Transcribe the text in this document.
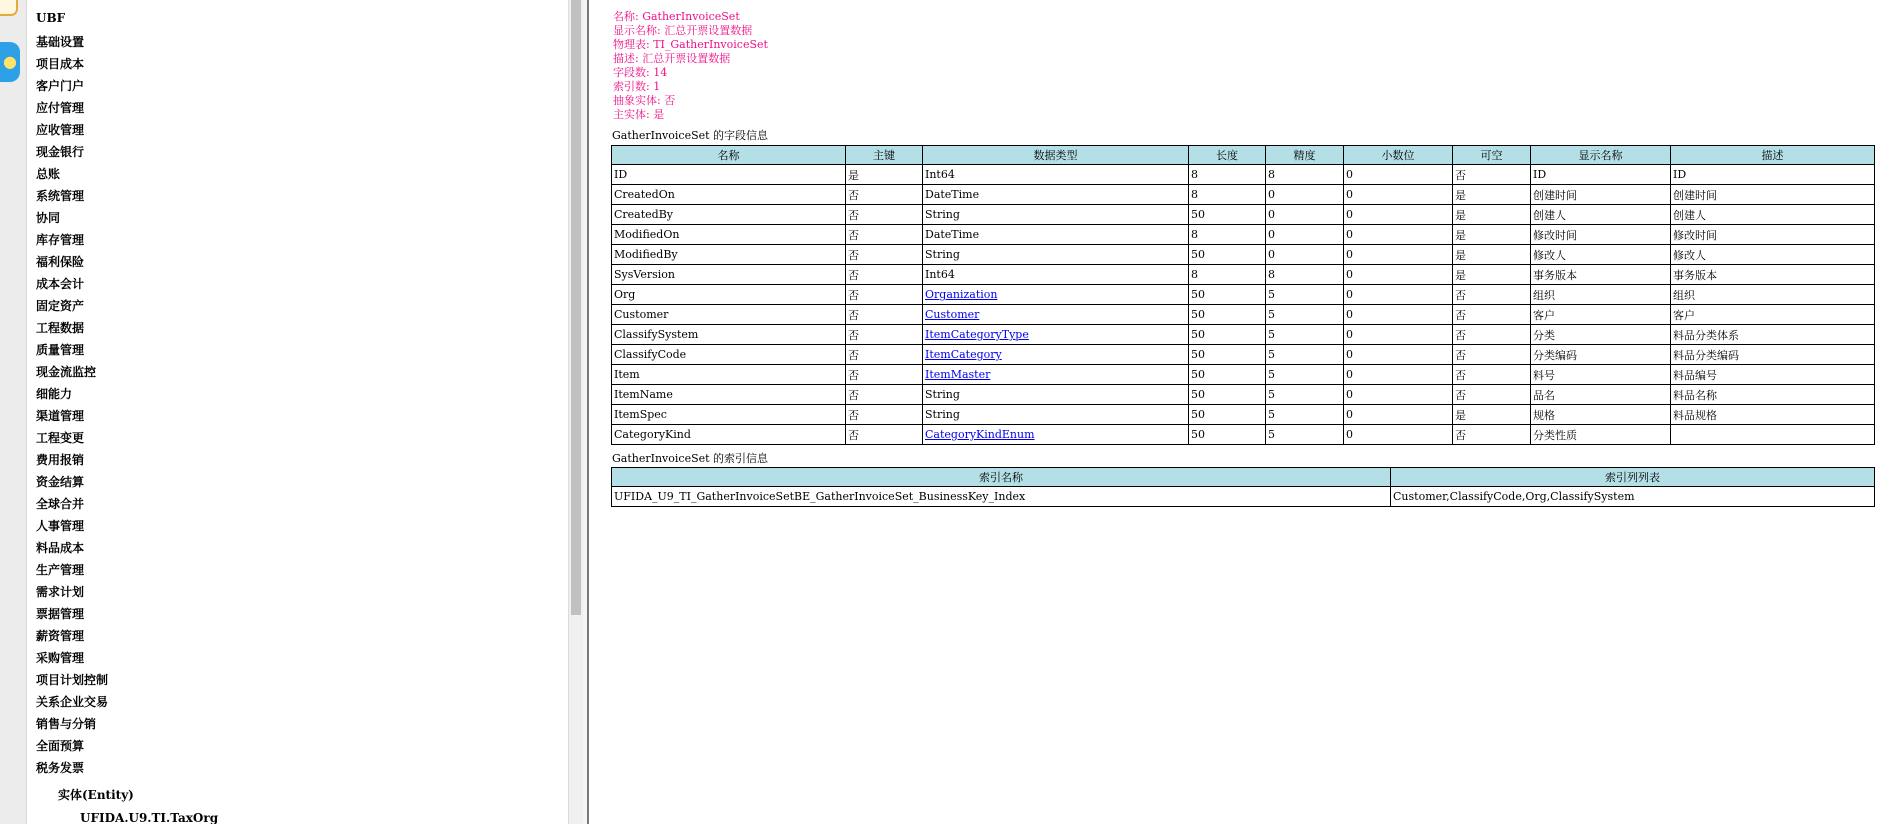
●
UBF
基础设置
项目成本
客户门户
应付管理
应收管理
现金银行
总账
系统管理
协同
库存管理
福利保险
成本会计
固定资产
工程数据
质量管理
现金流监控
细能力
渠道管理
工程变更
费用报销
资金结算
全球合并
人事管理
料品成本
生产管理
需求计划
票据管理
薪资管理
采购管理
项目计划控制
关系企业交易
销售与分销
全面预算
税务发票
实体(Entity)
UFIDA.U9.TI.TaxOrg
名称: GatherInvoiceSet
显示名称: 汇总开票设置数据
物理表: TI_GatherInvoiceSet
描述: 汇总开票设置数据
字段数: 14
索引数: 1
抽象实体: 否
主实体: 是
GatherInvoiceSet 的字段信息
名称	主键	数据类型	长度	精度	小数位	可空	显示名称	描述
ID	是	Int64	8	8	0	否	ID	ID
CreatedOn	否	DateTime	8	0	0	是	创建时间	创建时间
CreatedBy	否	String	50	0	0	是	创建人	创建人
ModifiedOn	否	DateTime	8	0	0	是	修改时间	修改时间
ModifiedBy	否	String	50	0	0	是	修改人	修改人
SysVersion	否	Int64	8	8	0	是	事务版本	事务版本
Org	否	Organization	50	5	0	否	组织	组织
Customer	否	Customer	50	5	0	否	客户	客户
ClassifySystem	否	ItemCategoryType	50	5	0	否	分类	料品分类体系
ClassifyCode	否	ItemCategory	50	5	0	否	分类编码	料品分类编码
Item	否	ItemMaster	50	5	0	否	料号	料品编号
ItemName	否	String	50	5	0	否	品名	料品名称
ItemSpec	否	String	50	5	0	是	规格	料品规格
CategoryKind	否	CategoryKindEnum	50	5	0	否	分类性质	
GatherInvoiceSet 的索引信息
索引名称	索引列列表
UFIDA_U9_TI_GatherInvoiceSetBE_GatherInvoiceSet_BusinessKey_Index	Customer,ClassifyCode,Org,ClassifySystem
